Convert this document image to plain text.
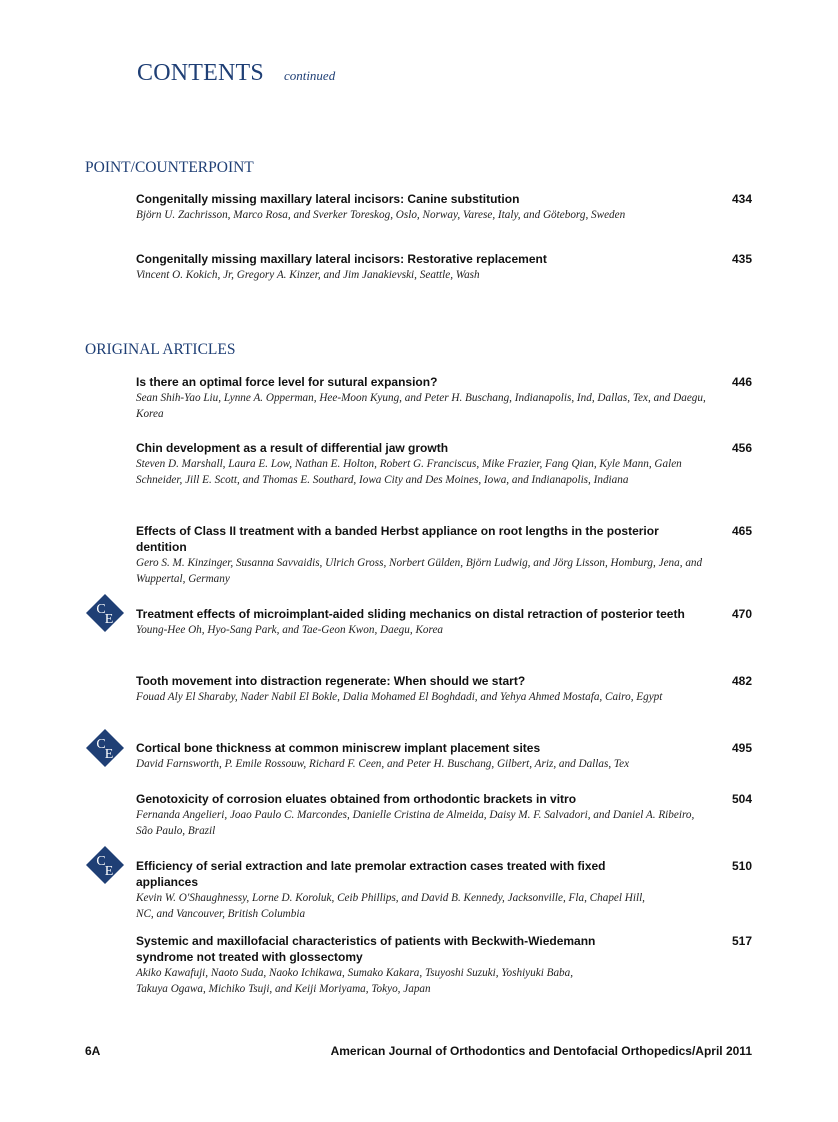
CONTENTS continued
POINT/COUNTERPOINT
Congenitally missing maxillary lateral incisors: Canine substitution
Björn U. Zachrisson, Marco Rosa, and Sverker Toreskog, Oslo, Norway, Varese, Italy, and Göteborg, Sweden
434
Congenitally missing maxillary lateral incisors: Restorative replacement
Vincent O. Kokich, Jr, Gregory A. Kinzer, and Jim Janakievski, Seattle, Wash
435
ORIGINAL ARTICLES
Is there an optimal force level for sutural expansion?
Sean Shih-Yao Liu, Lynne A. Opperman, Hee-Moon Kyung, and Peter H. Buschang, Indianapolis, Ind, Dallas, Tex, and Daegu, Korea
446
Chin development as a result of differential jaw growth
Steven D. Marshall, Laura E. Low, Nathan E. Holton, Robert G. Franciscus, Mike Frazier, Fang Qian, Kyle Mann, Galen Schneider, Jill E. Scott, and Thomas E. Southard, Iowa City and Des Moines, Iowa, and Indianapolis, Indiana
456
Effects of Class II treatment with a banded Herbst appliance on root lengths in the posterior dentition
Gero S. M. Kinzinger, Susanna Savvaidis, Ulrich Gross, Norbert Gülden, Björn Ludwig, and Jörg Lisson, Homburg, Jena, and Wuppertal, Germany
465
C
E Treatment effects of microimplant-aided sliding mechanics on distal retraction of posterior teeth
Young-Hee Oh, Hyo-Sang Park, and Tae-Geon Kwon, Daegu, Korea
470
Tooth movement into distraction regenerate: When should we start?
Fouad Aly El Sharaby, Nader Nabil El Bokle, Dalia Mohamed El Boghdadi, and Yehya Ahmed Mostafa, Cairo, Egypt
482
C
E Cortical bone thickness at common miniscrew implant placement sites
David Farnsworth, P. Emile Rossouw, Richard F. Ceen, and Peter H. Buschang, Gilbert, Ariz, and Dallas, Tex
495
Genotoxicity of corrosion eluates obtained from orthodontic brackets in vitro
Fernanda Angelieri, Joao Paulo C. Marcondes, Danielle Cristina de Almeida, Daisy M. F. Salvadori, and Daniel A. Ribeiro, São Paulo, Brazil
504
C
E Efficiency of serial extraction and late premolar extraction cases treated with fixed appliances
Kevin W. O'Shaughnessy, Lorne D. Koroluk, Ceib Phillips, and David B. Kennedy, Jacksonville, Fla, Chapel Hill, NC, and Vancouver, British Columbia
510
Systemic and maxillofacial characteristics of patients with Beckwith-Wiedemann syndrome not treated with glossectomy
Akiko Kawafuji, Naoto Suda, Naoko Ichikawa, Sumako Kakara, Tsuyoshi Suzuki, Yoshiyuki Baba, Takuya Ogawa, Michiko Tsuji, and Keiji Moriyama, Tokyo, Japan
517
6A	American Journal of Orthodontics and Dentofacial Orthopedics/April 2011
